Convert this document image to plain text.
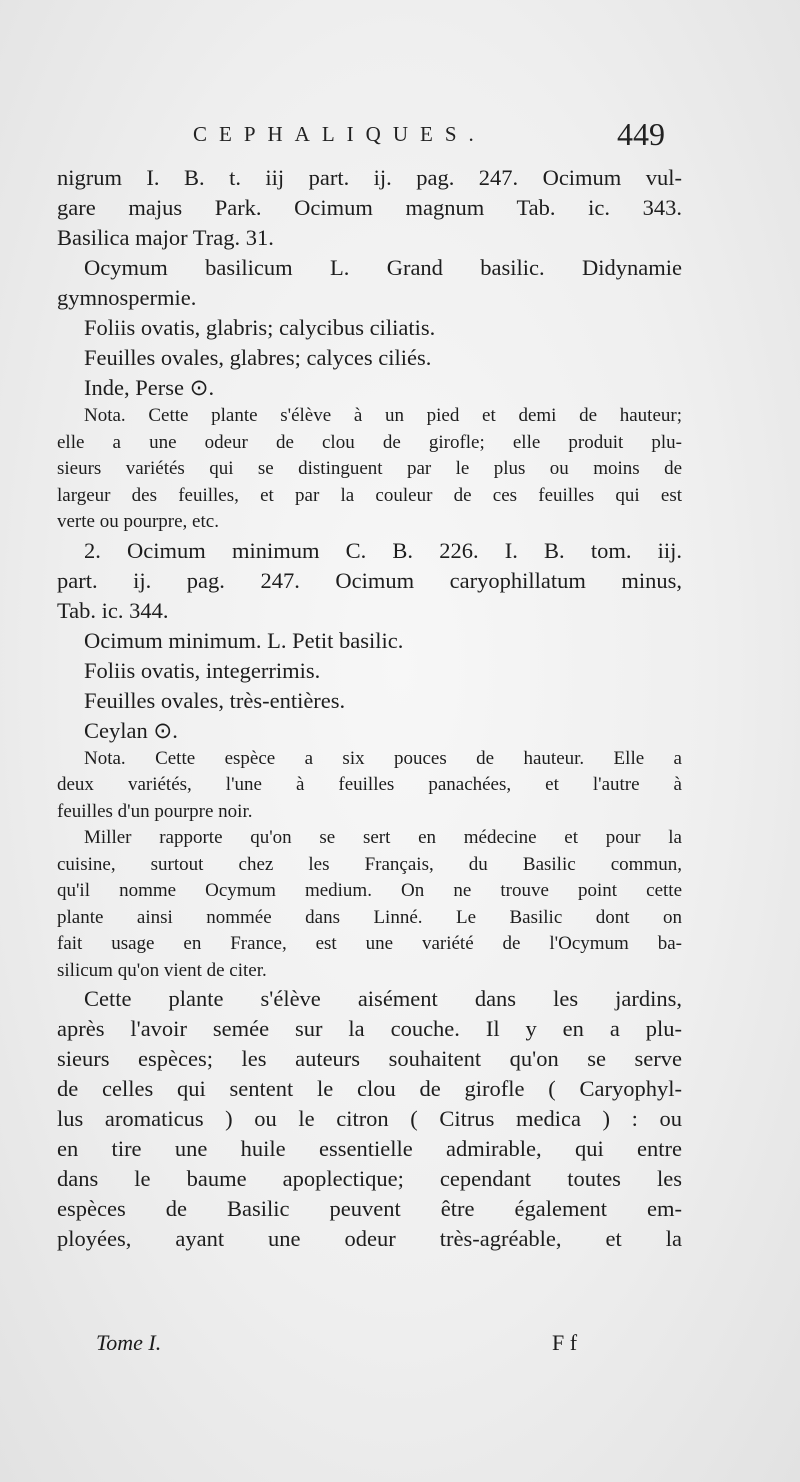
CEPHALIQUES.	449
nigrum I. B. t. iij part. ij. pag. 247. Ocimum vul-
gare majus Park. Ocimum magnum Tab. ic. 343.
Basilica major Trag. 31.
Ocymum basilicum L. Grand basilic. Didynamie
gymnospermie.
Foliis ovatis, glabris; calycibus ciliatis.
Feuilles ovales, glabres; calyces ciliés.
Inde, Perse ⊙.
Nota. Cette plante s'élève à un pied et demi de hauteur;
elle a une odeur de clou de girofle; elle produit plu-
sieurs variétés qui se distinguent par le plus ou moins de
largeur des feuilles, et par la couleur de ces feuilles qui est
verte ou pourpre, etc.
2. Ocimum minimum C. B. 226. I. B. tom. iij.
part. ij. pag. 247. Ocimum caryophillatum minus,
Tab. ic. 344.
Ocimum minimum. L. Petit basilic.
Foliis ovatis, integerrimis.
Feuilles ovales, très-entières.
Ceylan ⊙.
Nota. Cette espèce a six pouces de hauteur. Elle a
deux variétés, l'une à feuilles panachées, et l'autre à
feuilles d'un pourpre noir.
Miller rapporte qu'on se sert en médecine et pour la
cuisine, surtout chez les Français, du Basilic commun,
qu'il nomme Ocymum medium. On ne trouve point cette
plante ainsi nommée dans Linné. Le Basilic dont on
fait usage en France, est une variété de l'Ocymum ba-
silicum qu'on vient de citer.
Cette plante s'élève aisément dans les jardins,
après l'avoir semée sur la couche. Il y en a plu-
sieurs espèces; les auteurs souhaitent qu'on se serve
de celles qui sentent le clou de girofle ( Caryophyl-
lus aromaticus ) ou le citron ( Citrus medica ) : ou
en tire une huile essentielle admirable, qui entre
dans le baume apoplectique; cependant toutes les
espèces de Basilic peuvent être également em-
ployées, ayant une odeur très-agréable, et la
Tome I.	F f
